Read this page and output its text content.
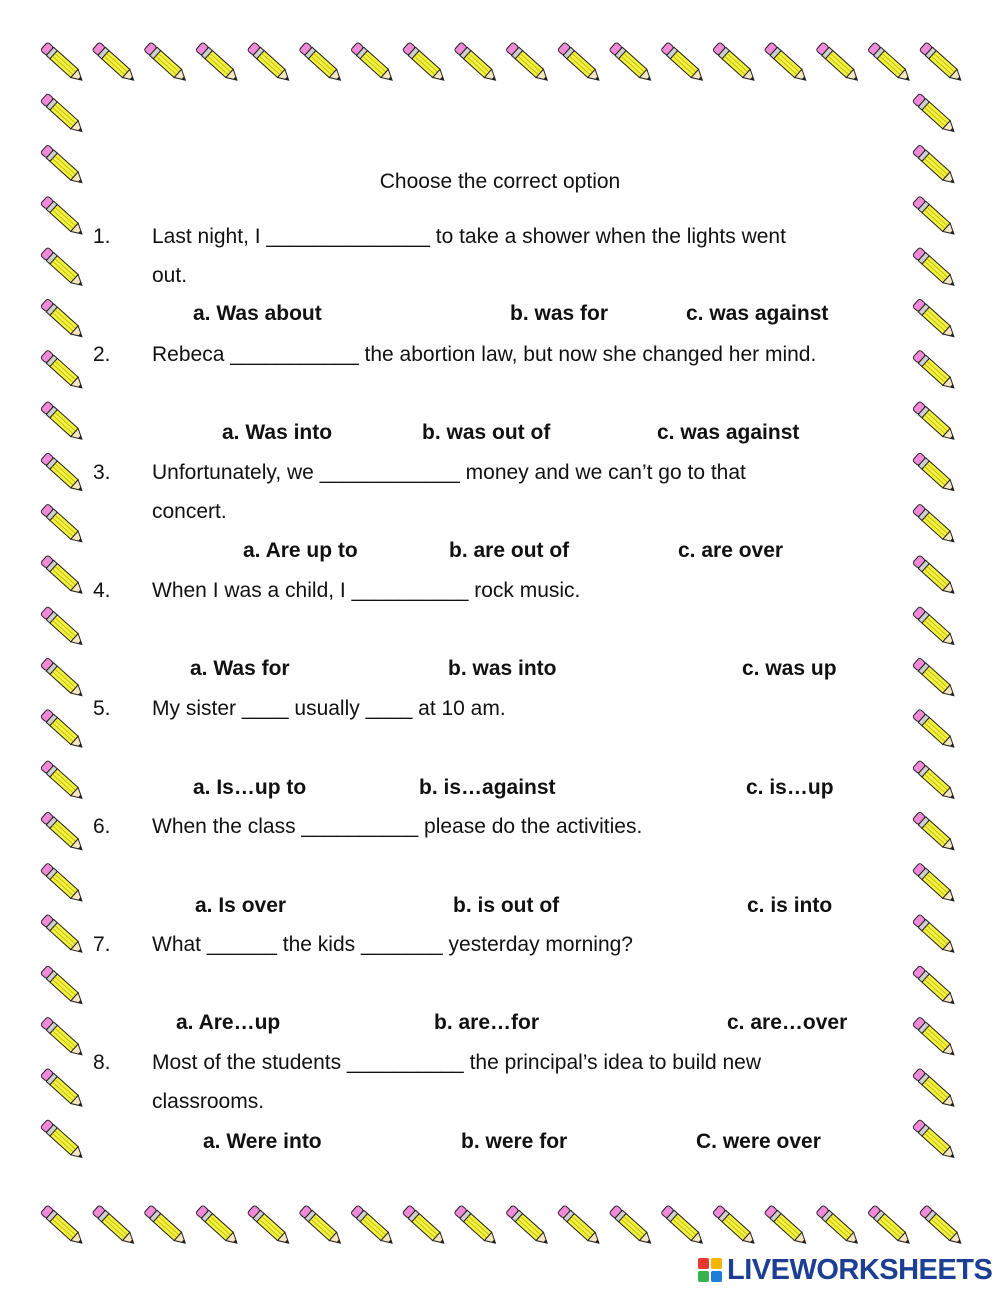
Choose the correct option
1. Last night, I ______________ to take a shower when the lights went
out.
a. Was about	b. was for	c. was against
2. Rebeca ___________ the abortion law, but now she changed her mind.
a. Was into	b. was out of	c. was against
3. Unfortunately, we ____________ money and we can’t go to that
concert.
a. Are up to	b. are out of	c. are over
4. When I was a child, I __________ rock music.
a. Was for	b. was into	c. was up
5. My sister ____ usually ____ at 10 am.
a. Is…up to	b. is…against	c. is…up
6. When the class __________ please do the activities.
a. Is over	b. is out of	c. is into
7. What ______ the kids _______ yesterday morning?
a. Are…up	b. are…for	c. are…over
8. Most of the students __________ the principal’s idea to build new
classrooms.
a. Were into	b. were for	C. were over
LIVEWORKSHEETS
